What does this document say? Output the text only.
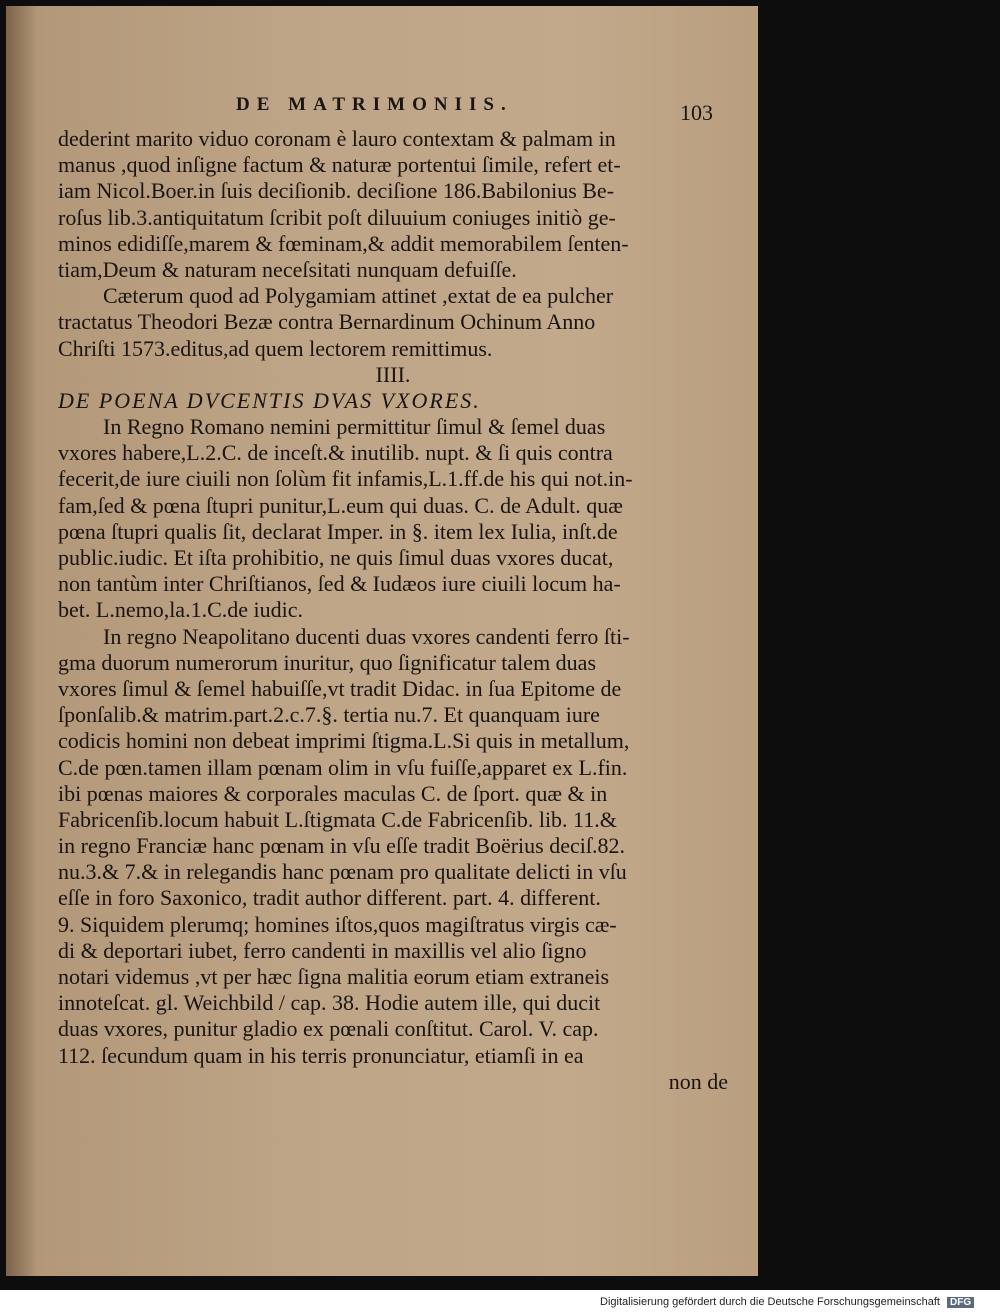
DE MATRIMONIIS.	103
dederint marito viduo coronam è lauro contextam & palmam in
manus ,quod inſigne factum & naturæ portentui ſimile, refert et-
iam Nicol.Boer.in ſuis deciſionib. deciſione 186.Babilonius Be-
roſus lib.3.antiquitatum ſcribit poſt diluuium coniuges initiò ge-
minos edidiſſe,marem & fœminam,& addit memorabilem ſenten-
tiam,Deum & naturam neceſsitati nunquam defuiſſe.
Cæterum quod ad Polygamiam attinet ,extat de ea pulcher
tractatus Theodori Bezæ contra Bernardinum Ochinum Anno
Chriſti 1573.editus,ad quem lectorem remittimus.
IIII.
DE POENA DVCENTIS DVAS VXORES.
In Regno Romano nemini permittitur ſimul & ſemel duas
vxores habere,L.2.C. de inceſt.& inutilib. nupt. & ſi quis contra
fecerit,de iure ciuili non ſolùm fit infamis,L.1.ff.de his qui not.in-
fam,ſed & pœna ſtupri punitur,L.eum qui duas. C. de Adult. quæ
pœna ſtupri qualis ſit, declarat Imper. in §. item lex Iulia, inſt.de
public.iudic. Et iſta prohibitio, ne quis ſimul duas vxores ducat,
non tantùm inter Chriſtianos, ſed & Iudæos iure ciuili locum ha-
bet. L.nemo,la.1.C.de iudic.
In regno Neapolitano ducenti duas vxores candenti ferro ſti-
gma duorum numerorum inuritur, quo ſignificatur talem duas
vxores ſimul & ſemel habuiſſe,vt tradit Didac. in ſua Epitome de
ſponſalib.& matrim.part.2.c.7.§. tertia nu.7. Et quanquam iure
codicis homini non debeat imprimi ſtigma.L.Si quis in metallum,
C.de pœn.tamen illam pœnam olim in vſu fuiſſe,apparet ex L.fin.
ibi pœnas maiores & corporales maculas C. de ſport. quæ & in
Fabricenſib.locum habuit L.ſtigmata C.de Fabricenſib. lib. 11.&
in regno Franciæ hanc pœnam in vſu eſſe tradit Boërius deciſ.82.
nu.3.& 7.& in relegandis hanc pœnam pro qualitate delicti in vſu
eſſe in foro Saxonico, tradit author different. part. 4. different.
9. Siquidem plerumq; homines iſtos,quos magiſtratus virgis cæ-
di & deportari iubet, ferro candenti in maxillis vel alio ſigno
notari videmus ,vt per hæc ſigna malitia eorum etiam extraneis
innoteſcat. gl. Weichbild / cap. 38. Hodie autem ille, qui ducit
duas vxores, punitur gladio ex pœnali conſtitut. Carol. V. cap.
112. ſecundum quam in his terris pronunciatur, etiamſi in ea
non de
Digitalisierung gefördert durch die Deutsche Forschungsgemeinschaft DFG
